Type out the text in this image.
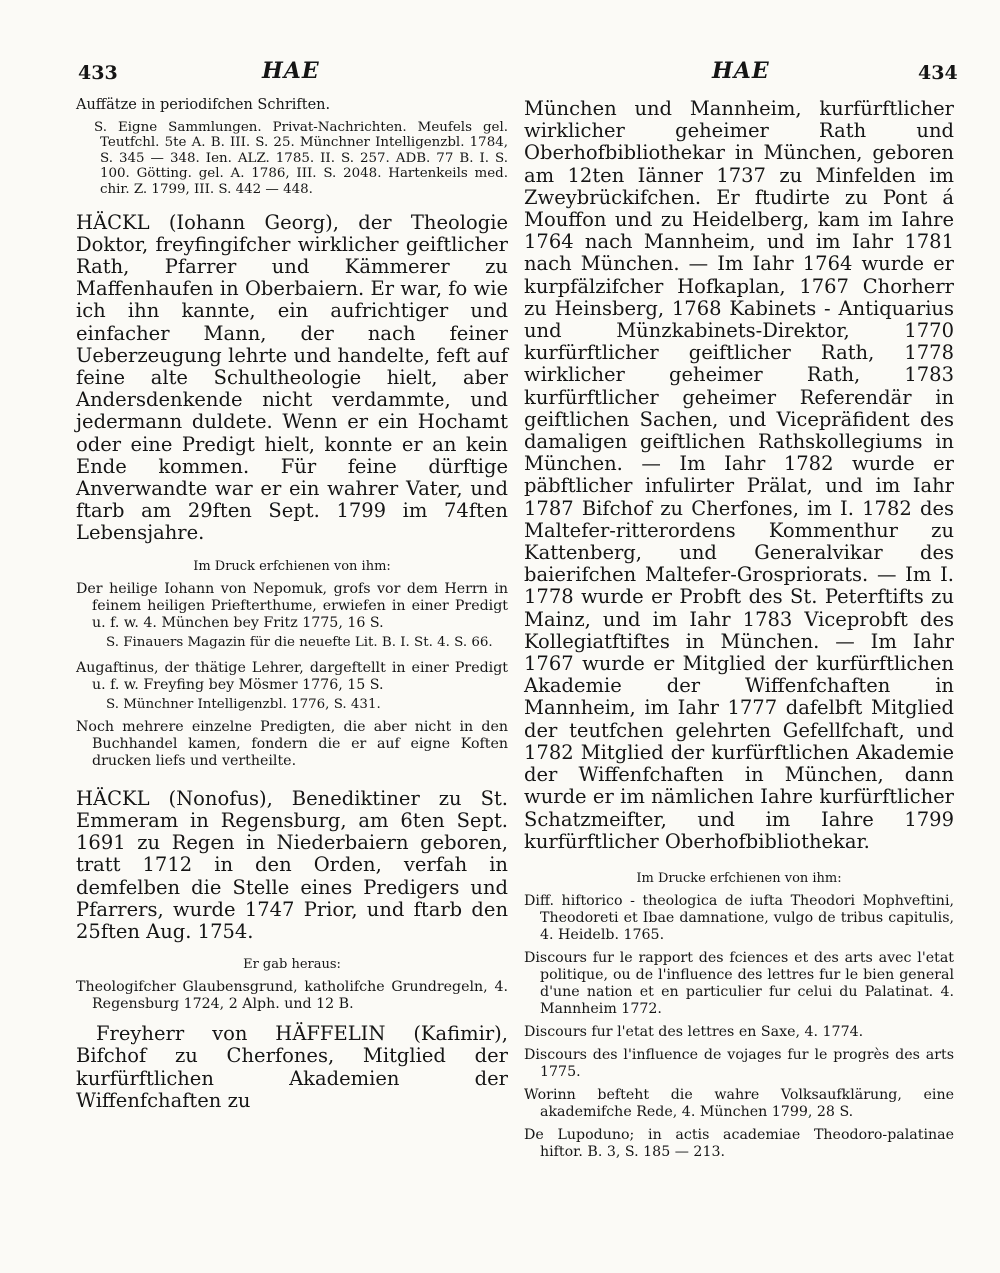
433	HAE	HAE	434

Auffätze in periodifchen Schriften.

S. Eigne Sammlungen. Privat-Nachrichten. Meufels gel. Teutfchl. 5te A. B. III. S. 25. Münchner Intelligenzbl. 1784, S. 345 — 348. Ien. ALZ. 1785. II. S. 257. ADB. 77 B. I. S. 100. Götting. gel. A. 1786, III. S. 2048. Hartenkeils med. chir. Z. 1799, III. S. 442 — 448.

HÄCKL (Iohann Georg), der Theologie Doktor, freyfingifcher wirklicher geiftlicher Rath, Pfarrer und Kämmerer zu Maffenhaufen in Oberbaiern. Er war, fo wie ich ihn kannte, ein aufrichtiger und einfacher Mann, der nach feiner Ueberzeugung lehrte und handelte, feft auf feine alte Schultheologie hielt, aber Andersdenkende nicht verdammte, und jedermann duldete. Wenn er ein Hochamt oder eine Predigt hielt, konnte er an kein Ende kommen. Für feine dürftige Anverwandte war er ein wahrer Vater, und ftarb am 29ften Sept. 1799 im 74ften Lebensjahre.

Im Druck erfchienen von ihm:

Der heilige Iohann von Nepomuk, grofs vor dem Herrn in feinem heiligen Priefterthume, erwiefen in einer Predigt u. f. w. 4. München bey Fritz 1775, 16 S.

S. Finauers Magazin für die neuefte Lit. B. I. St. 4. S. 66.

Augaftinus, der thätige Lehrer, dargeftellt in einer Predigt u. f. w. Freyfing bey Mösmer 1776, 15 S.

S. Münchner Intelligenzbl. 1776, S. 431.

Noch mehrere einzelne Predigten, die aber nicht in den Buchhandel kamen, fondern die er auf eigne Koften drucken liefs und vertheilte.

HÄCKL (Nonofus), Benediktiner zu St. Emmeram in Regensburg, am 6ten Sept. 1691 zu Regen in Niederbaiern geboren, tratt 1712 in den Orden, verfah in demfelben die Stelle eines Predigers und Pfarrers, wurde 1747 Prior, und ftarb den 25ften Aug. 1754.

Er gab heraus:

Theologifcher Glaubensgrund, katholifche Grundregeln, 4. Regensburg 1724, 2 Alph. und 12 B.

Freyherr von HÄFFELIN (Kafimir), Bifchof zu Cherfones, Mitglied der kurfürftlichen Akademien der Wiffenfchaften zu

München und Mannheim, kurfürftlicher wirklicher geheimer Rath und Oberhofbibliothekar in München, geboren am 12ten Iänner 1737 zu Minfelden im Zweybrückifchen. Er ftudirte zu Pont á Mouffon und zu Heidelberg, kam im Iahre 1764 nach Mannheim, und im Iahr 1781 nach München. — Im Iahr 1764 wurde er kurpfälzifcher Hofkaplan, 1767 Chorherr zu Heinsberg, 1768 Kabinets - Antiquarius und Münzkabinets-Direktor, 1770 kurfürftlicher geiftlicher Rath, 1778 wirklicher geheimer Rath, 1783 kurfürftlicher geheimer Referendär in geiftlichen Sachen, und Vicepräfident des damaligen geiftlichen Rathskollegiums in München. — Im Iahr 1782 wurde er päbftlicher infulirter Prälat, und im Iahr 1787 Bifchof zu Cherfones, im I. 1782 des Maltefer-ritterordens Kommenthur zu Kattenberg, und Generalvikar des baierifchen Maltefer-Grospriorats. — Im I. 1778 wurde er Probft des St. Peterftifts zu Mainz, und im Iahr 1783 Viceprobft des Kollegiatftiftes in München. — Im Iahr 1767 wurde er Mitglied der kurfürftlichen Akademie der Wiffenfchaften in Mannheim, im Iahr 1777 dafelbft Mitglied der teutfchen gelehrten Gefellfchaft, und 1782 Mitglied der kurfürftlichen Akademie der Wiffenfchaften in München, dann wurde er im nämlichen Iahre kurfürftlicher Schatzmeifter, und im Iahre 1799 kurfürftlicher Oberhofbibliothekar.

Im Drucke erfchienen von ihm:

Diff. hiftorico - theologica de iufta Theodori Mophveftini, Theodoreti et Ibae damnatione, vulgo de tribus capitulis, 4. Heidelb. 1765.

Discours fur le rapport des fciences et des arts avec l'etat politique, ou de l'influence des lettres fur le bien general d'une nation et en particulier fur celui du Palatinat. 4. Mannheim 1772.

Discours fur l'etat des lettres en Saxe, 4. 1774.

Discours des l'influence de vojages fur le progrès des arts 1775.

Worinn befteht die wahre Volksaufklärung, eine akademifche Rede, 4. München 1799, 28 S.

De Lupoduno; in actis academiae Theodoro-palatinae hiftor. B. 3, S. 185 — 213.
